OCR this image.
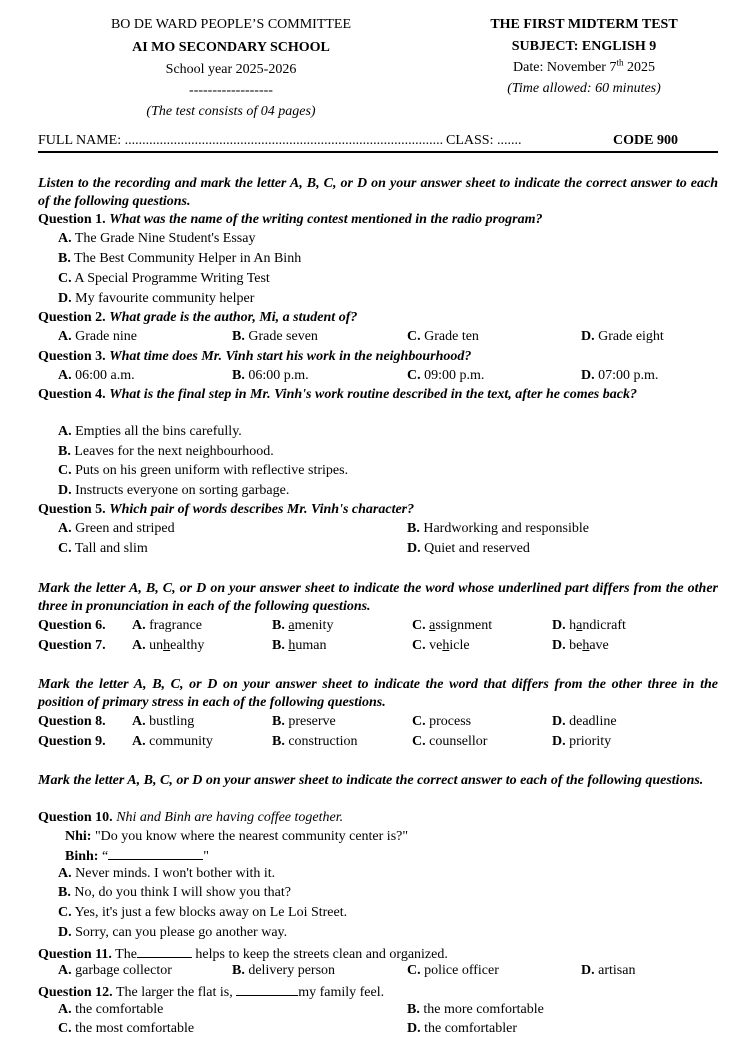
BO DE WARD PEOPLE’S COMMITTEE
AI MO SECONDARY SCHOOL
School year 2025-2026
------------------
(The test consists of 04 pages)
THE FIRST MIDTERM TEST
SUBJECT: ENGLISH 9
Date: November 7th 2025
(Time allowed: 60 minutes)
FULL NAME: ........................................................................................... CLASS: .......	CODE 900
Listen to the recording and mark the letter A, B, C, or D on your answer sheet to indicate the correct answer to each of the following questions.
Question 1. What was the name of the writing contest mentioned in the radio program?
A. The Grade Nine Student's Essay
B. The Best Community Helper in An Binh
C. A Special Programme Writing Test
D. My favourite community helper
Question 2. What grade is the author, Mi, a student of?
A. Grade nine	B. Grade seven	C. Grade ten	D. Grade eight
Question 3. What time does Mr. Vinh start his work in the neighbourhood?
A. 06:00 a.m.	B. 06:00 p.m.	C. 09:00 p.m.	D. 07:00 p.m.
Question 4. What is the final step in Mr. Vinh's work routine described in the text, after he comes back?
A. Empties all the bins carefully.
B. Leaves for the next neighbourhood.
C. Puts on his green uniform with reflective stripes.
D. Instructs everyone on sorting garbage.
Question 5. Which pair of words describes Mr. Vinh's character?
A. Green and striped	B. Hardworking and responsible
C. Tall and slim	D. Quiet and reserved
Mark the letter A, B, C, or D on your answer sheet to indicate the word whose underlined part differs from the other three in pronunciation in each of the following questions.
Question 6. A. fragrance	B. amenity	C. assignment	D. handicraft
Question 7. A. unhealthy	B. human	C. vehicle	D. behave
Mark the letter A, B, C, or D on your answer sheet to indicate the word that differs from the other three in the position of primary stress in each of the following questions.
Question 8. A. bustling	B. preserve	C. process	D. deadline
Question 9. A. community	B. construction	C. counsellor	D. priority
Mark the letter A, B, C, or D on your answer sheet to indicate the correct answer to each of the following questions.
Question 10. Nhi and Binh are having coffee together.
Nhi: "Do you know where the nearest community center is?"
Binh: “	"
A. Never minds. I won't bother with it.
B. No, do you think I will show you that?
C. Yes, it's just a few blocks away on Le Loi Street.
D. Sorry, can you please go another way.
Question 11. The	helps to keep the streets clean and organized.
A. garbage collector	B. delivery person	C. police officer	D. artisan
Question 12. The larger the flat is,	my family feel.
A. the comfortable	B. the more comfortable
C. the most comfortable	D. the comfortabler
